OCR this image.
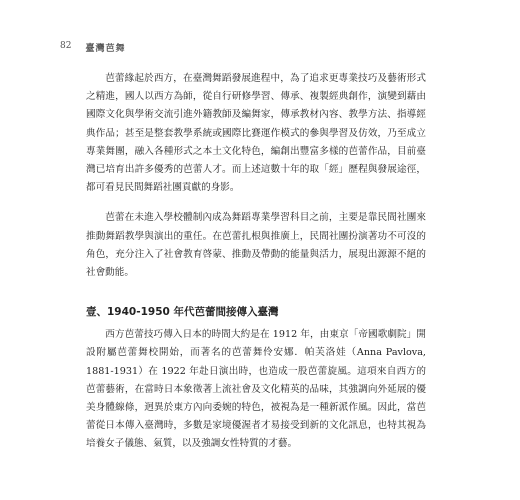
82 臺灣芭舞

芭蕾緣起於西方，在臺灣舞蹈發展進程中，為了追求更專業技巧及藝術形式之精進，國人以西方為師，從自行研修學習、傳承、複製經典創作，演變到藉由國際文化與學術交流引進外籍教師及編舞家，傳承教材內容、教學方法、指導經典作品；甚至是整套教學系統或國際比賽運作模式的參與學習及仿效，乃至成立專業舞團，融入各種形式之本土文化特色，編創出豐富多樣的芭蕾作品，目前臺灣已培育出許多優秀的芭蕾人才。而上述這數十年的取「經」歷程與發展途徑，都可看見民間舞蹈社團貢獻的身影。

芭蕾在未進入學校體制內成為舞蹈專業學習科目之前，主要是靠民間社團來推動舞蹈教學與演出的重任。在芭蕾扎根與推廣上，民間社團扮演著功不可沒的角色，充分注入了社會教育啓蒙、推動及帶動的能量與活力，展現出源源不絕的社會動能。

壹、1940-1950 年代芭蕾間接傳入臺灣

西方芭蕾技巧傳入日本的時間大約是在 1912 年，由東京「帝國歌劇院」開設附屬芭蕾舞校開始，而著名的芭蕾舞伶安娜．帕芙洛娃（Anna Pavlova, 1881-1931）在 1922 年赴日演出時，也造成一股芭蕾旋風。這項來自西方的芭蕾藝術，在當時日本象徵著上流社會及文化精英的品味，其強調向外延展的優美身體線條，迥異於東方內向委婉的特色，被視為是一種新派作風。因此，當芭蕾從日本傳入臺灣時，多數是家境優渥者才易接受到新的文化訊息，也特其視為培養女子儀態、氣質，以及強調女性特質的才藝。
